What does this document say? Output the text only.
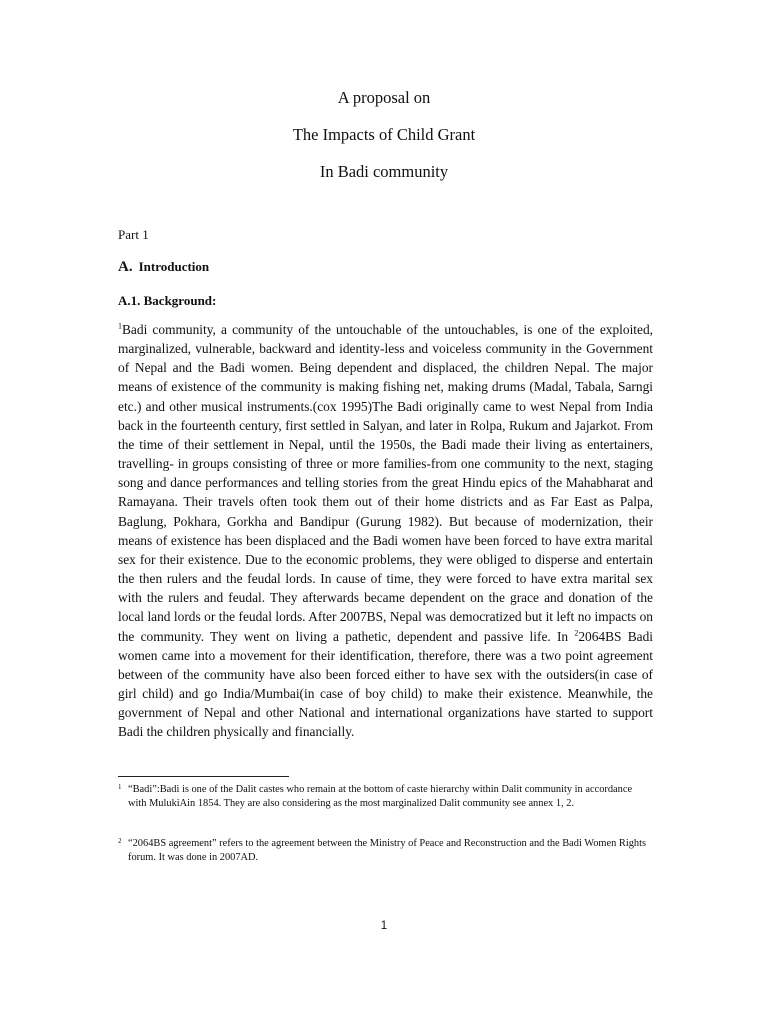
A proposal on
The Impacts of Child Grant
In Badi community
Part 1
A. Introduction
A.1. Background:

$^1$Badi community, a community of the untouchable of the untouchables, is one of the exploited, marginalized, vulnerable, backward and identity-less and voiceless community in the Government of Nepal and the Badi women. Being dependent and displaced, the children Nepal. The major means of existence of the community is making fishing net, making drums (Madal, Tabala, Sarngi etc.) and other musical instruments.(cox 1995)The Badi originally came to west Nepal from India back in the fourteenth century, first settled in Salyan, and later in Rolpa, Rukum and Jajarkot. From the time of their settlement in Nepal, until the 1950s, the Badi made their living as entertainers, travelling- in groups consisting of three or more families-from one community to the next, staging song and dance performances and telling stories from the great Hindu epics of the Mahabharat and Ramayana. Their travels often took them out of their home districts and as Far East as Palpa, Baglung, Pokhara, Gorkha and Bandipur (Gurung 1982). But because of modernization, their means of existence has been displaced and the Badi women have been forced to have extra marital sex for their existence. Due to the economic problems, they were obliged to disperse and entertain the then rulers and the feudal lords. In cause of time, they were forced to have extra marital sex with the rulers and feudal. They afterwards became dependent on the grace and donation of the local land lords or the feudal lords. After 2007BS, Nepal was democratized but it left no impacts on the community. They went on living a pathetic, dependent and passive life. In $^2$2064BS Badi women came into a movement for their identification, therefore, there was a two point agreement between of the community have also been forced either to have sex with the outsiders(in case of girl child) and go India/Mumbai(in case of boy child) to make their existence. Meanwhile, the government of Nepal and other National and international organizations have started to support Badi the children physically and financially.

1 “Badi”:Badi is one of the Dalit castes who remain at the bottom of caste hierarchy within Dalit community in accordance with MulukiAin 1854. They are also considering as the most marginalized Dalit community see annex 1, 2.
2 “2064BS agreement” refers to the agreement between the Ministry of Peace and Reconstruction and the Badi Women Rights forum. It was done in 2007AD.
1
